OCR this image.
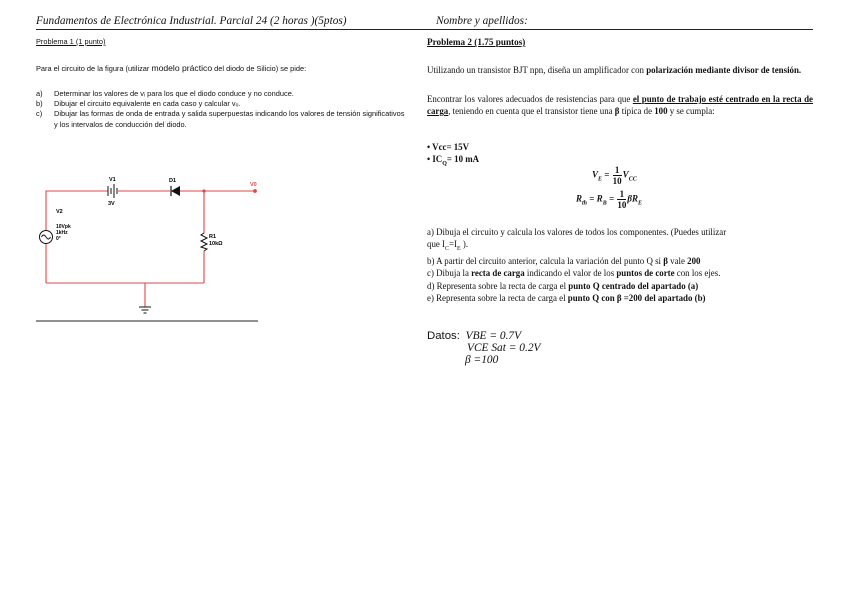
Fundamentos de Electrónica Industrial. Parcial 24 (2 horas )(5ptos)	Nombre y apellidos:
Problema 1 (1 punto)
Para el circuito de la figura (utilizar modelo práctico del diodo de Silicio) se pide:
a) Determinar los valores de vᵢ para los que el diodo conduce y no conduce.
b) Dibujar el circuito equivalente en cada caso y calcular vₒ.
c) Dibujar las formas de onda de entrada y salida superpuestas indicando los valores de tensión significativos y los intervalos de conducción del diodo.
V1
3V
D1
V0
V2
10Vpk
1kHz
0°	R1
10kΩ
Problema 2 (1.75 puntos)
Utilizando un transistor BJT npn, diseña un amplificador con polarización mediante divisor de tensión.
Encontrar los valores adecuados de resistencias para que el punto de trabajo esté centrado en la recta de carga, teniendo en cuenta que el transistor tiene una β típica de 100 y se cumpla:
• Vcc= 15V
• $IC_Q= 10$ mA
$V_E = \frac{1}{10} V_{CC}$
$R_{th} = R_B = \frac{1}{10} \beta R_E$
a) Dibuja el circuito y calcula los valores de todos los componentes. (Puedes utilizar
que $I_C=I_E$ ).
b) A partir del circuito anterior, calcula la variación del punto Q si β vale 200
c) Dibuja la recta de carga indicando el valor de los puntos de corte con los ejes.
d) Representa sobre la recta de carga el punto Q centrado del apartado (a)
e) Representa sobre la recta de carga el punto Q con β =200 del apartado (b)
Datos: VBE = 0.7V
VCE Sat = 0.2V
β =100
